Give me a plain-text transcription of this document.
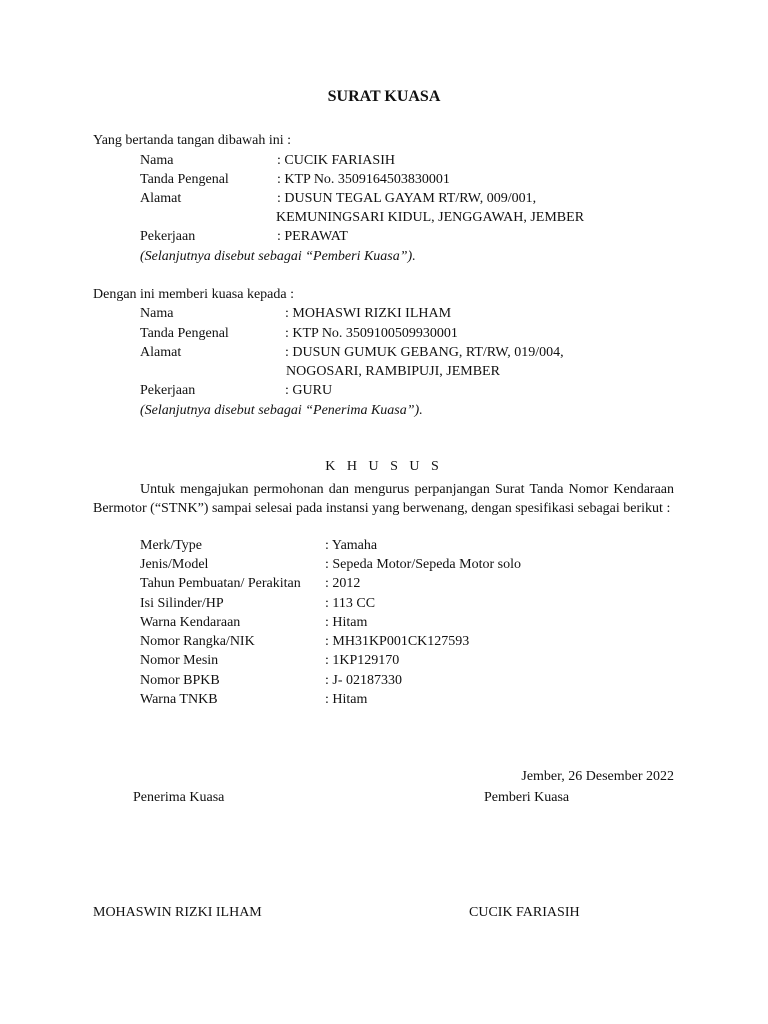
SURAT KUASA
Yang bertanda tangan dibawah ini :
Nama	: CUCIK FARIASIH
Tanda Pengenal	: KTP No. 3509164503830001
Alamat	: DUSUN TEGAL GAYAM RT/RW, 009/001,
KEMUNINGSARI KIDUL, JENGGAWAH, JEMBER
Pekerjaan	: PERAWAT
(Selanjutnya disebut sebagai “Pemberi Kuasa”).
Dengan ini memberi kuasa kepada :
Nama	: MOHASWI RIZKI ILHAM
Tanda Pengenal	: KTP No. 3509100509930001
Alamat	: DUSUN GUMUK GEBANG, RT/RW, 019/004,
NOGOSARI, RAMBIPUJI, JEMBER
Pekerjaan	: GURU
(Selanjutnya disebut sebagai “Penerima Kuasa”).
K H U S U S
Untuk mengajukan permohonan dan mengurus perpanjangan Surat Tanda Nomor Kendaraan Bermotor (“STNK”) sampai selesai pada instansi yang berwenang, dengan spesifikasi sebagai berikut :
Merk/Type	: Yamaha
Jenis/Model	: Sepeda Motor/Sepeda Motor solo
Tahun Pembuatan/ Perakitan : 2012
Isi Silinder/HP	: 113 CC
Warna Kendaraan	: Hitam
Nomor Rangka/NIK	: MH31KP001CK127593
Nomor Mesin	: 1KP129170
Nomor BPKB	: J- 02187330
Warna TNKB	: Hitam
Jember, 26 Desember 2022
Penerima Kuasa	Pemberi Kuasa
MOHASWIN RIZKI ILHAM	CUCIK FARIASIH
